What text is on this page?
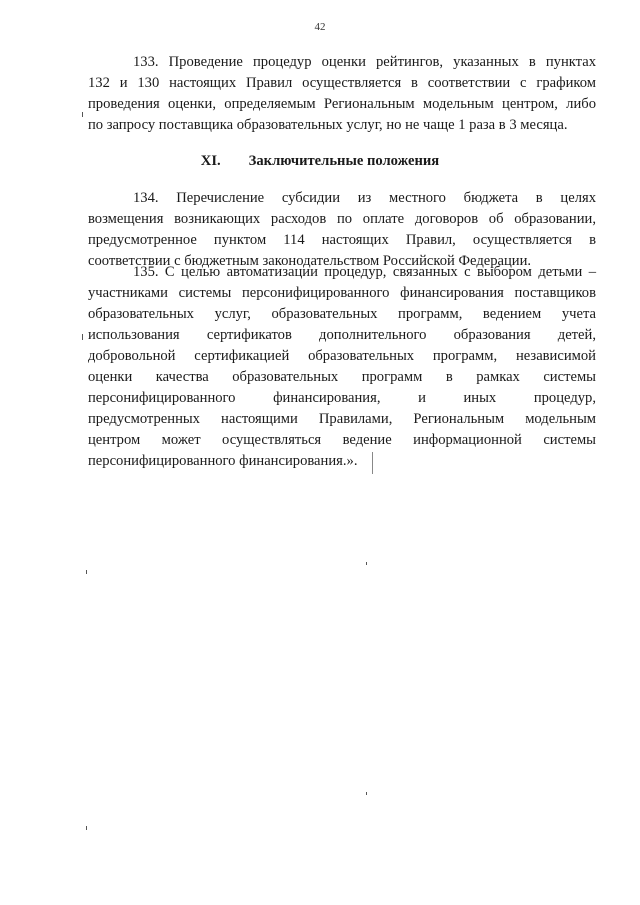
42
133. Проведение процедур оценки рейтингов, указанных в пунктах
132 и 130 настоящих Правил осуществляется в соответствии с графиком
проведения оценки, определяемым Региональным модельным центром, либо
по запросу поставщика образовательных услуг, но не чаще 1 раза в 3 месяца.
XI. Заключительные положения
134. Перечисление субсидии из местного бюджета в целях
возмещения возникающих расходов по оплате договоров об образовании,
предусмотренное пунктом 114 настоящих Правил, осуществляется в
соответствии с бюджетным законодательством Российской Федерации.
135. С целью автоматизации процедур, связанных с выбором детьми –
участниками системы персонифицированного финансирования поставщиков
образовательных услуг, образовательных программ, ведением учета
использования сертификатов дополнительного образования детей,
добровольной сертификацией образовательных программ, независимой
оценки качества образовательных программ в рамках системы
персонифицированного финансирования, и иных процедур,
предусмотренных настоящими Правилами, Региональным модельным
центром может осуществляться ведение информационной системы
персонифицированного финансирования.».
